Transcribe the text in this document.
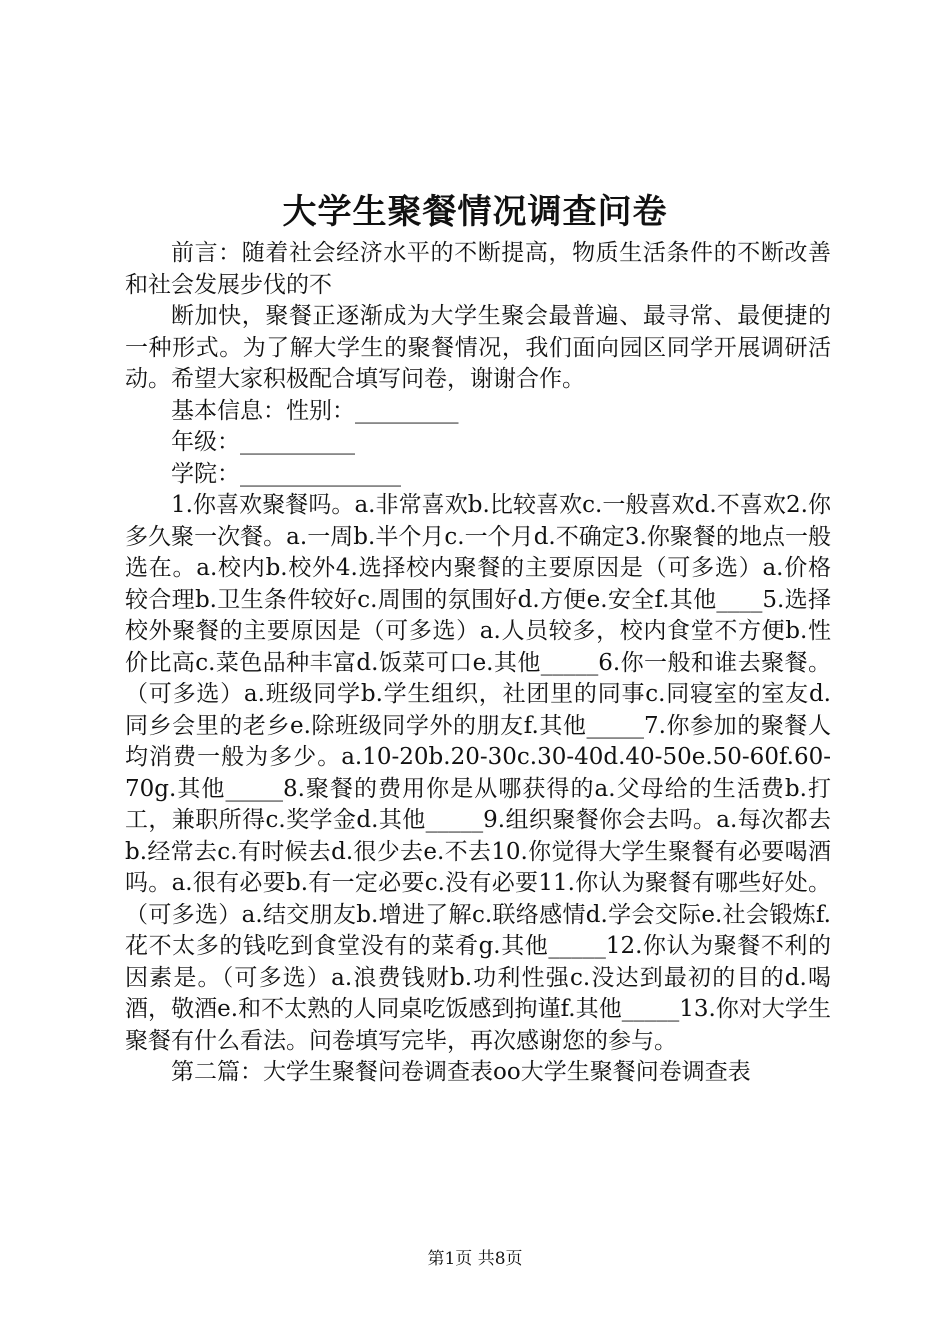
大学生聚餐情况调查问卷

前言：随着社会经济水平的不断提高，物质生活条件的不断改善和社会发展步伐的不

断加快，聚餐正逐渐成为大学生聚会最普遍、最寻常、最便捷的一种形式。为了解大学生的聚餐情况，我们面向园区同学开展调研活动。希望大家积极配合填写问卷，谢谢合作。

基本信息：性别：_________

年级：__________

学院：______________

1.你喜欢聚餐吗。a.非常喜欢b.比较喜欢c.一般喜欢d.不喜欢2.你多久聚一次餐。a.一周b.半个月c.一个月d.不确定3.你聚餐的地点一般选在。a.校内b.校外4.选择校内聚餐的主要原因是（可多选）a.价格较合理b.卫生条件较好c.周围的氛围好d.方便e.安全f.其他____5.选择校外聚餐的主要原因是（可多选）a.人员较多，校内食堂不方便b.性价比高c.菜色品种丰富d.饭菜可口e.其他_____6.你一般和谁去聚餐。（可多选）a.班级同学b.学生组织，社团里的同事c.同寝室的室友d.同乡会里的老乡e.除班级同学外的朋友f.其他_____7.你参加的聚餐人均消费一般为多少。a.10-20b.20-30c.30-40d.40-50e.50-60f.60-70g.其他_____8.聚餐的费用你是从哪获得的a.父母给的生活费b.打工，兼职所得c.奖学金d.其他_____9.组织聚餐你会去吗。a.每次都去b.经常去c.有时候去d.很少去e.不去10.你觉得大学生聚餐有必要喝酒吗。a.很有必要b.有一定必要c.没有必要11.你认为聚餐有哪些好处。（可多选）a.结交朋友b.增进了解c.联络感情d.学会交际e.社会锻炼f.花不太多的钱吃到食堂没有的菜肴g.其他_____12.你认为聚餐不利的因素是。（可多选）a.浪费钱财b.功利性强c.没达到最初的目的d.喝酒，敬酒e.和不太熟的人同桌吃饭感到拘谨f.其他_____13.你对大学生聚餐有什么看法。问卷填写完毕，再次感谢您的参与。

第二篇：大学生聚餐问卷调查表oo大学生聚餐问卷调查表

第1页 共8页
